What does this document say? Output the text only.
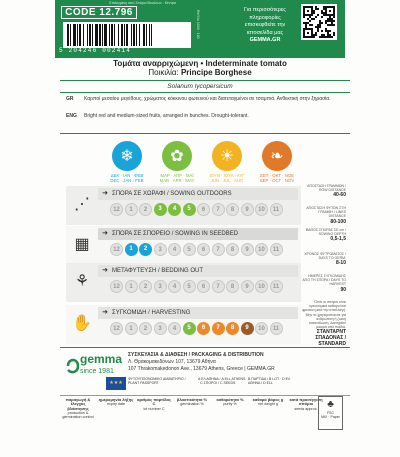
Επιλεγμένη από Σπόροι Βουλλων - Κέντρα
CODE 12.796
5 204246 002414
Ref No 1000 · 100	Για περισσότερες
πληροφορίες
επισκεφθείτε την
ιστοσελίδα μας
GEMMA.GR
Τομάτα αναρριχώμενη • Indeterminate tomato
Ποικιλία: Principe Borghese
Solanum lycopersicum
GR Καρποί μεσαίου μεγέθους, χρώματος κόκκινου φωτεινού και διατεταγμένοι σε τσαμπιά. Ανθεκτική στην ξηρασία.
ENG Bright red and medium-sized fruits, arranged in bunches. Drought-tolerant.
❄
ΔΕΚ · ΙΑΝ · ΦΕΒ
DEC · JAN · FEB
✿
ΜΑΡ · ΑΠΡ · ΜΑΪ
MAR · APR · MAY
☀
ΙΟΥΝ · ΙΟΥΛ · ΑΥΓ
JUN · JUL · AUG
❧
ΣΕΠ · ΟΚΤ · ΝΟΕ
SEP · OCT · NOV
⋰
➜ ΣΠΟΡΑ ΣΕ ΧΩΡΑΦΙ / SOWING OUTDOORS
12	1	2	3	4	5	6	7	8	9	10	11
▦
➜ ΣΠΟΡΑ ΣΕ ΣΠΟΡΕΙΟ / SOWING IN SEEDBED
12	1	2	3	4	5	6	7	8	9	10	11
⚘
➜ ΜΕΤΑΦΥΤΕΥΣΗ / BEDDING OUT
12	1	2	3	4	5	6	7	8	9	10	11
✋
➜ ΣΥΓΚΟΜΙΔΗ / HARVESTING
12	1	2	3	4	5	6	7	8	9	10	11
ΑΠΟΣΤΑΣΗ ΓΡΑΜΜΩΝ / ROW DISTANCE
40-60
ΑΠΟΣΤΑΣΗ ΦΥΤΩΝ ΣΤΗ ΓΡΑΜΜΗ / LINES DISTANCE
80-100
ΒΑΘΟΣ ΣΠΟΡΑΣ ΣΕ cm / SOWING DEPTH
0,5-1,5
ΧΡΟΝΟΣ ΦΥΤΡΩΜΑΤΟΣ / DAYS TO GERM.
8-10
ΗΜΕΡΕΣ ΣΥΓΚΟΜΙΔΗΣ ΑΠΟ ΤΗ ΣΠΟΡΑ / DAYS TO HARVEST
90
Όταν οι σπόροι είναι υγειονομικά καθαροί και φρεσκοι μετά την απαλλαγή. Μην το χρησιμοποιείτε για ανθρώπινη ή ζωική κατανάλωση. Διατηρείτε μακριά από παιδιά.
ΣΤΑΝΤΑΡΝΤ ΣΠΑΔΟΝΑΣ / STANDARD
gemma
since 1981
ΣΥΣΚΕΥΑΣΙΑ & ΔΙΑΘΕΣΗ / PACKAGING & DISTRIBUTION
Λ. Θρακομακεδόνων 107, 13679 Αθήνα
107 Thrakomakedonon Ave., 13679 Athens, Greece | GEMMA.GR
★★★
ΦΥΤΟΥΓΕΙΟΝΟΜΙΚΟ ΔΙΑΒΑΤΗΡΙΟ / PLANT PASSPORT
Α ΕΛ ΑΘΗΝΑ / A ELL ATHENS · C ΣΠΟΡΟΙ / C SEEDS
B ΠΑΡΤΙΔΑ / B LOT · D ΕΛ ΑΘΗΝΑ / D ELL
παραγωγή & έλεγχος βλάστησης
production & germination control
ημερομηνία λήξης
expiry date
αριθμός παρτίδας C
lot number C
βλαστικότητα %
germination %
καθαρότητα %
purity %
καθαρό βάρος g
net weight g
κατά προσέγγιση σπόροι
seeds approx. ♣
FSC
MIX · Paper
